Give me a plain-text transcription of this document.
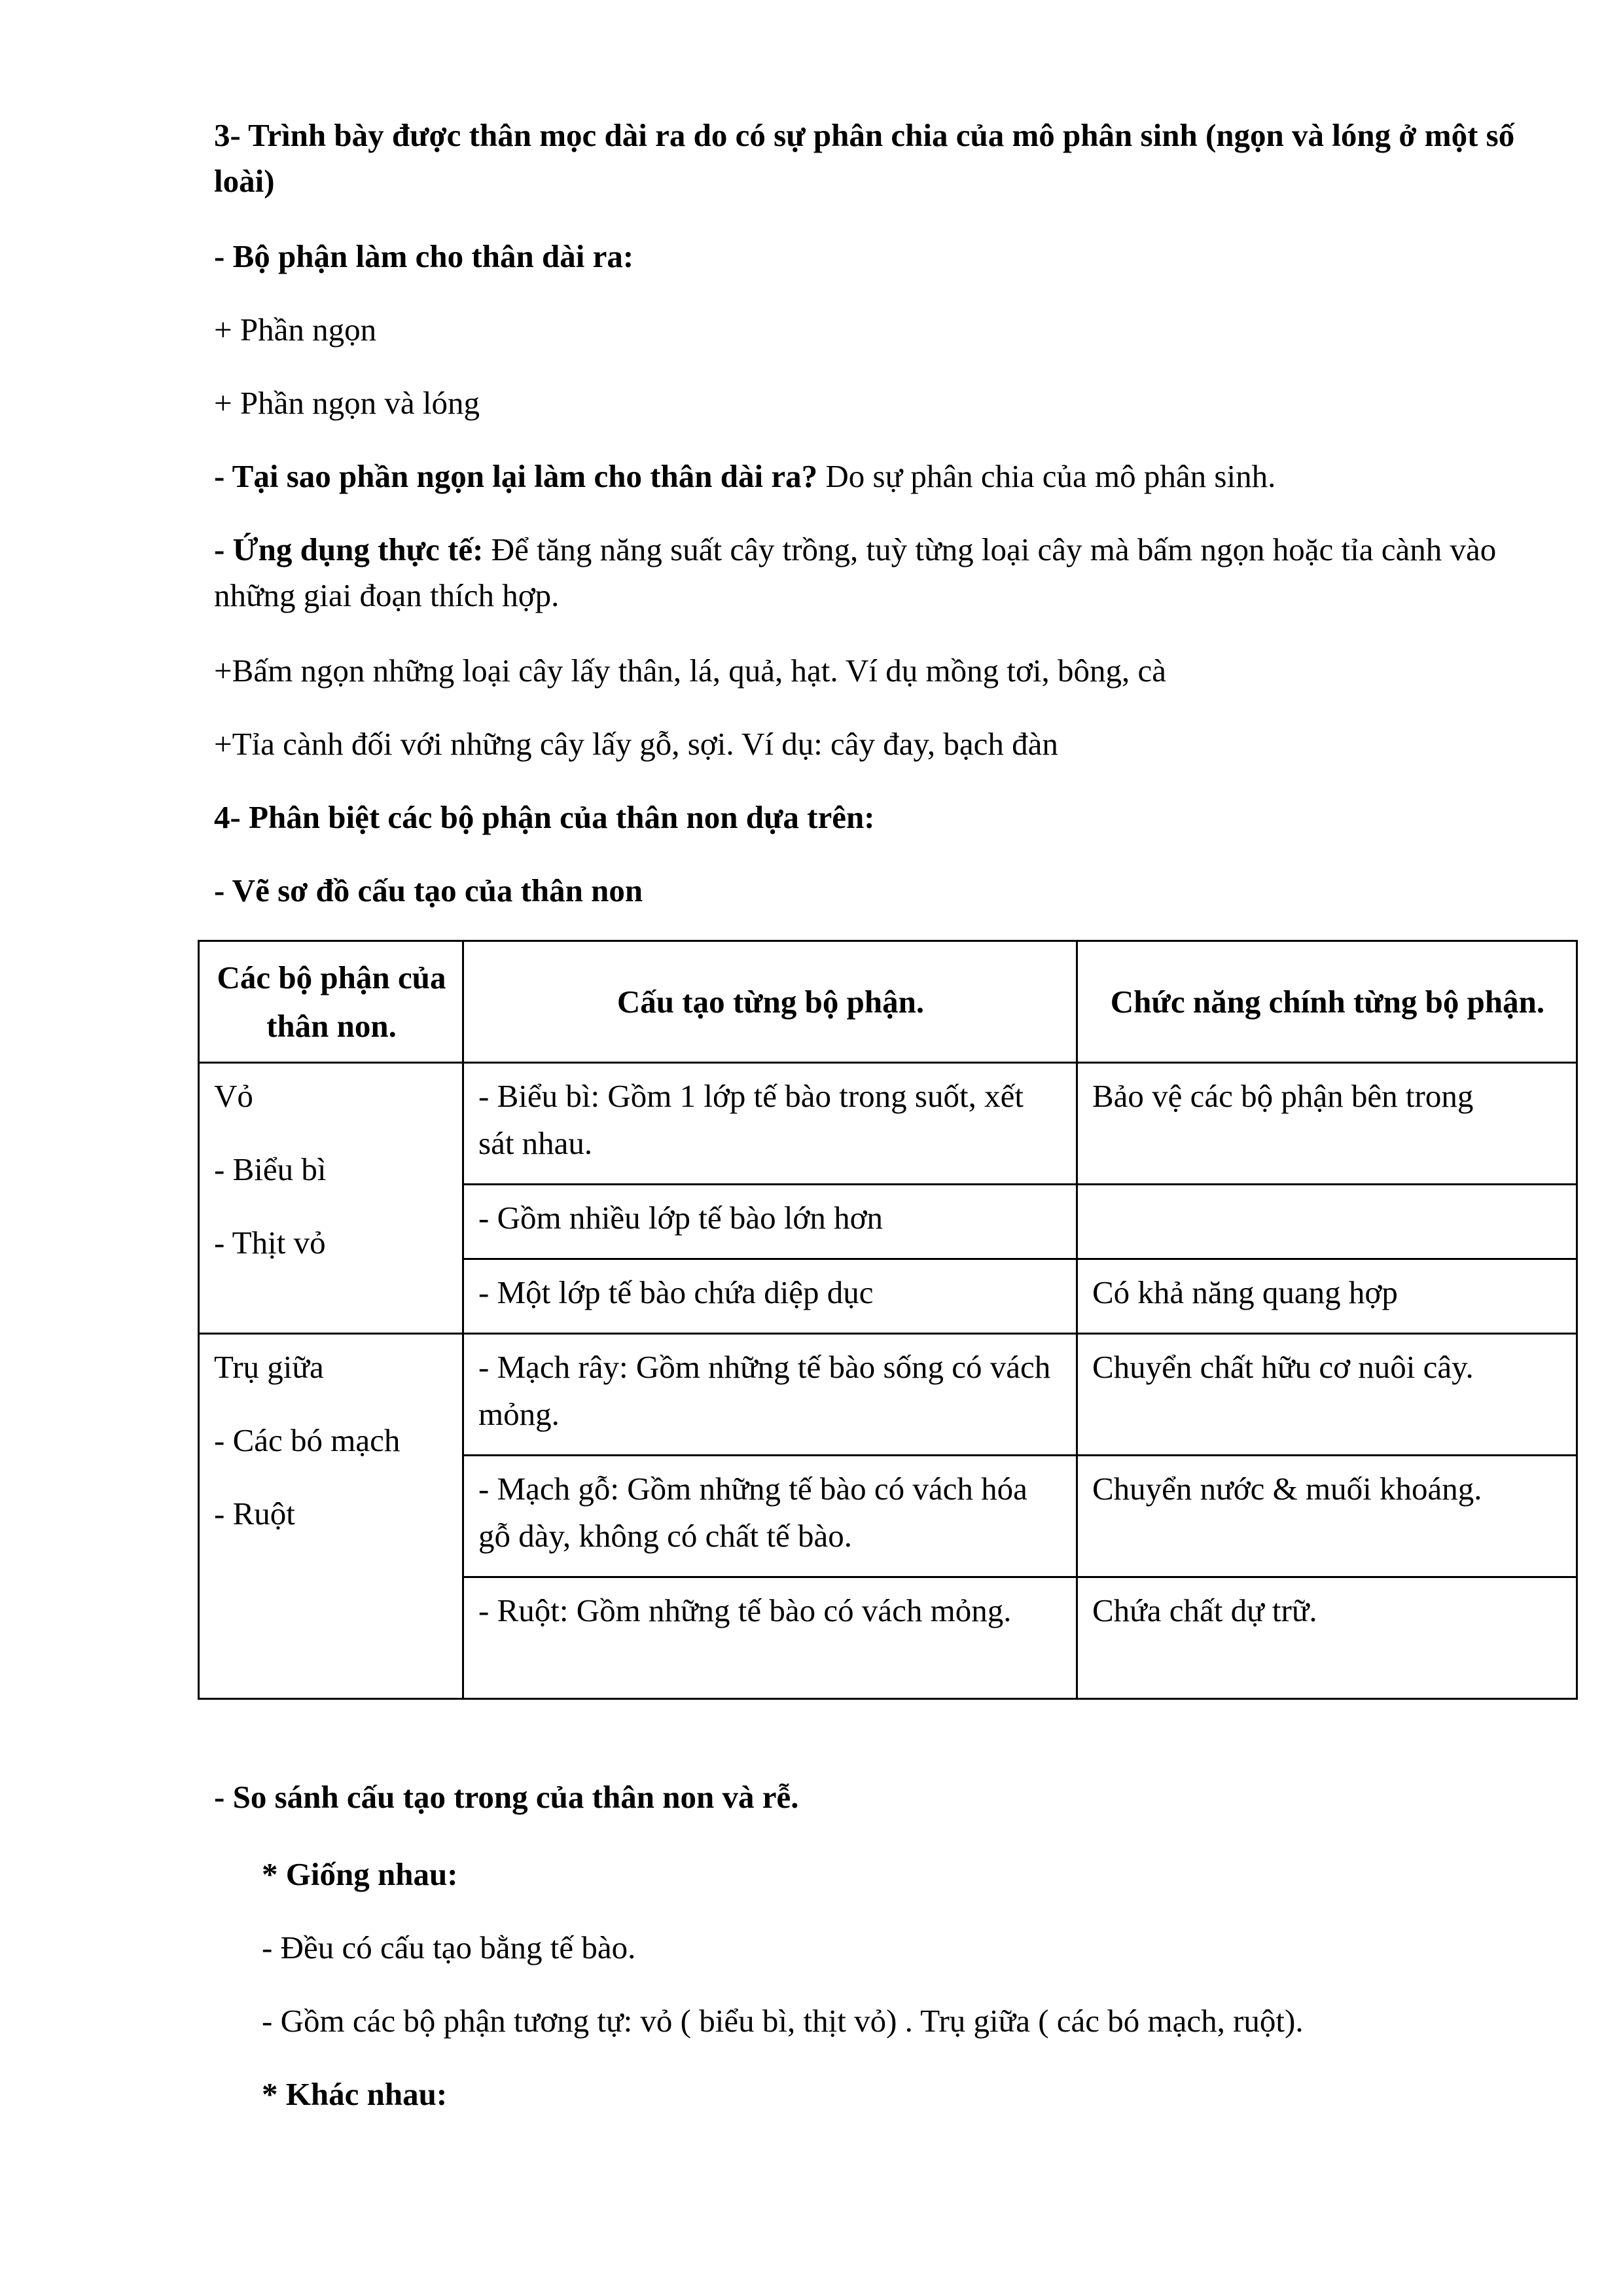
3- Trình bày được thân mọc dài ra do có sự phân chia của mô phân sinh (ngọn và lóng ở một số loài)

- Bộ phận làm cho thân dài ra:

+ Phần ngọn

+ Phần ngọn và lóng

- Tại sao phần ngọn lại làm cho thân dài ra? Do sự phân chia của mô phân sinh.

- Ứng dụng thực tế: Để tăng năng suất cây trồng, tuỳ từng loại cây mà bấm ngọn hoặc tỉa cành vào những giai đoạn thích hợp.

+Bấm ngọn những loại cây lấy thân, lá, quả, hạt. Ví dụ mồng tơi, bông, cà

+Tỉa cành đối với những cây lấy gỗ, sợi. Ví dụ: cây đay, bạch đàn

4- Phân biệt các bộ phận của thân non dựa trên:

- Vẽ sơ đồ cấu tạo của thân non

Các bộ phận của thân non.	Cấu tạo từng bộ phận.	Chức năng chính từng bộ phận.

Vỏ
- Biểu bì
- Thịt vỏ	- Biểu bì: Gồm 1 lớp tế bào trong suốt, xết sát nhau.	Bảo vệ các bộ phận bên trong
	- Gồm nhiều lớp tế bào lớn hơn	
	- Một lớp tế bào chứa diệp dục	Có khả năng quang hợp

Trụ giữa
- Các bó mạch
- Ruột	- Mạch rây: Gồm những tế bào sống có vách mỏng.	Chuyển chất hữu cơ nuôi cây.
	- Mạch gỗ: Gồm những tế bào có vách hóa gỗ dày, không có chất tế bào.	Chuyển nước & muối khoáng.
	- Ruột: Gồm những tế bào có vách mỏng.	Chứa chất dự trữ.

- So sánh cấu tạo trong của thân non và rễ.

* Giống nhau:

- Đều có cấu tạo bằng tế bào.

- Gồm các bộ phận tương tự: vỏ ( biểu bì, thịt vỏ) . Trụ giữa ( các bó mạch, ruột).

* Khác nhau:
